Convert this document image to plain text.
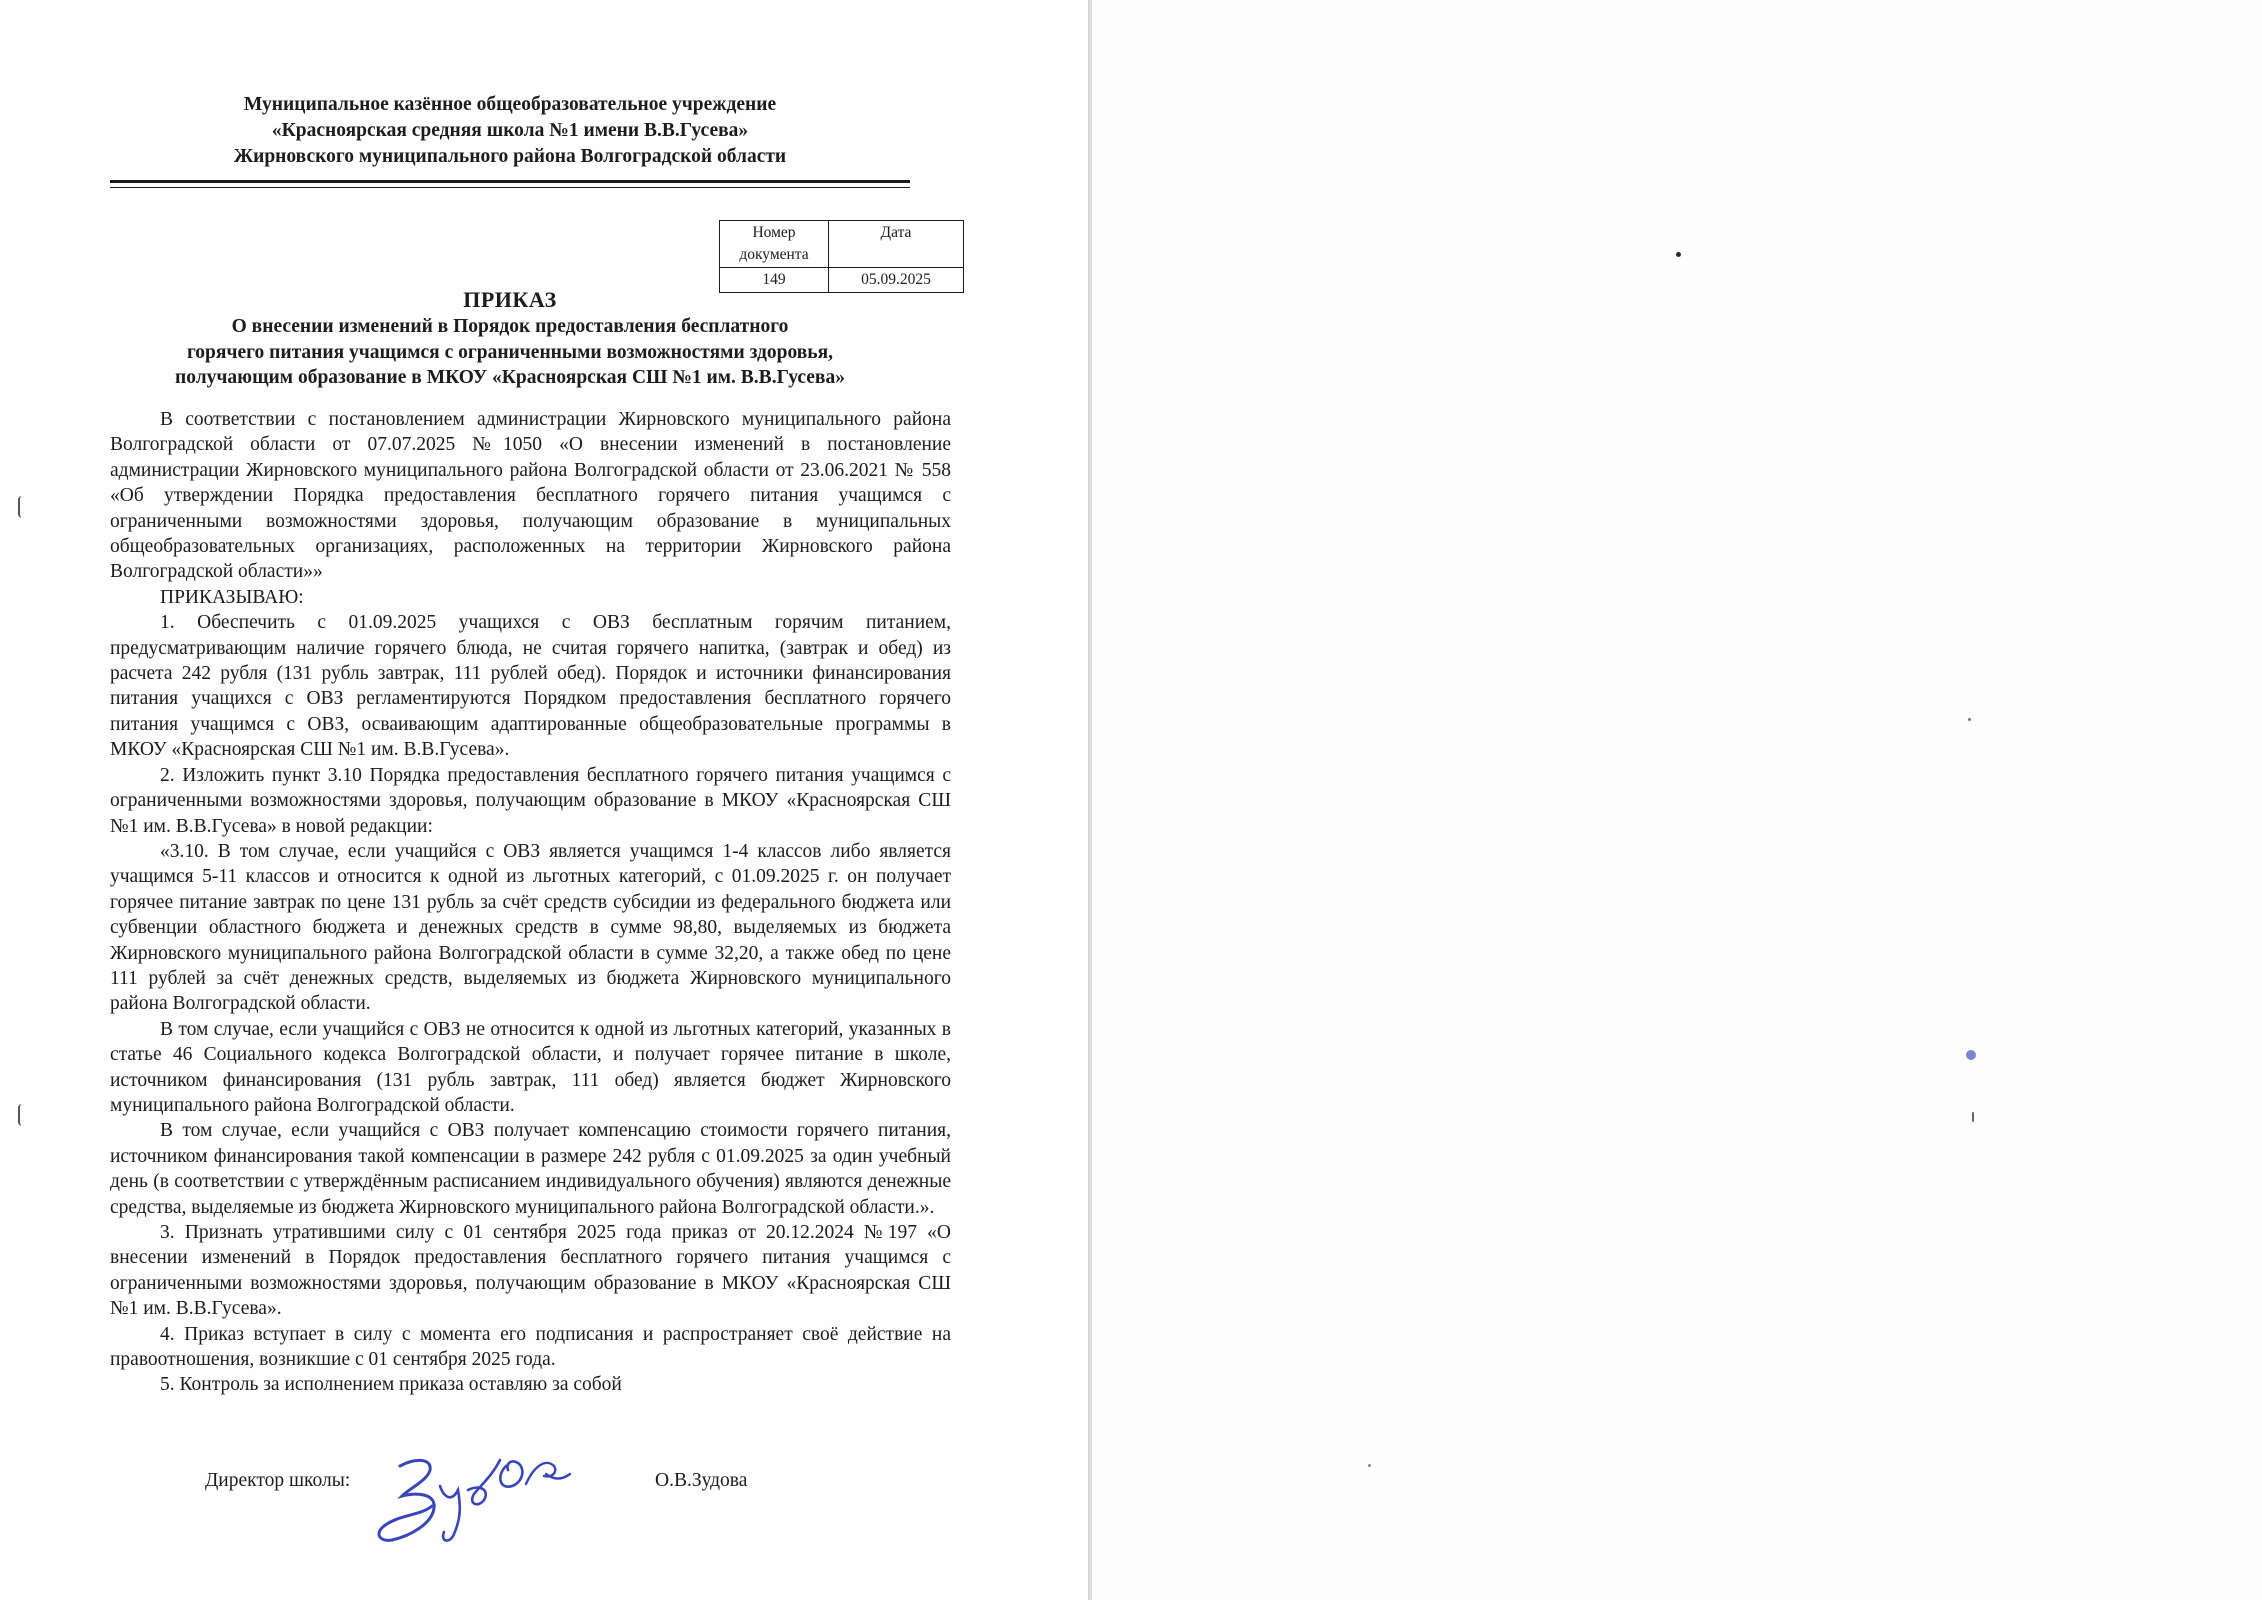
Муниципальное казённое общеобразовательное учреждение
«Красноярская средняя школа №1 имени В.В.Гусева»
Жирновского муниципального района Волгоградской области
Номер
документа	Дата
149	05.09.2025
ПРИКАЗ
О внесении изменений в Порядок предоставления бесплатного
горячего питания учащимся с ограниченными возможностями здоровья,
получающим образование в МКОУ «Красноярская СШ №1 им. В.В.Гусева»

В соответствии с постановлением администрации Жирновского муниципального района Волгоградской области от 07.07.2025 №1050 «О внесении изменений в постановление администрации Жирновского муниципального района Волгоградской области от 23.06.2021 № 558 «Об утверждении Порядка предоставления бесплатного горячего питания учащимся с ограниченными возможностями здоровья, получающим образование в муниципальных общеобразовательных организациях, расположенных на территории Жирновского района Волгоградской области»»

ПРИКАЗЫВАЮ:

1. Обеспечить с 01.09.2025 учащихся с ОВЗ бесплатным горячим питанием, предусматривающим наличие горячего блюда, не считая горячего напитка, (завтрак и обед) из расчета 242 рубля (131 рубль завтрак, 111 рублей обед). Порядок и источники финансирования питания учащихся с ОВЗ регламентируются Порядком предоставления бесплатного горячего питания учащимся с ОВЗ, осваивающим адаптированные общеобразовательные программы в МКОУ «Красноярская СШ №1 им. В.В.Гусева».

2. Изложить пункт 3.10 Порядка предоставления бесплатного горячего питания учащимся с ограниченными возможностями здоровья, получающим образование в МКОУ «Красноярская СШ №1 им. В.В.Гусева» в новой редакции:

«3.10. В том случае, если учащийся с ОВЗ является учащимся 1-4 классов либо является учащимся 5-11 классов и относится к одной из льготных категорий, с 01.09.2025 г. он получает горячее питание завтрак по цене 131 рубль за счёт средств субсидии из федерального бюджета или субвенции областного бюджета и денежных средств в сумме 98,80, выделяемых из бюджета Жирновского муниципального района Волгоградской области в сумме 32,20, а также обед по цене 111 рублей за счёт денежных средств, выделяемых из бюджета Жирновского муниципального района Волгоградской области.

В том случае, если учащийся с ОВЗ не относится к одной из льготных категорий, указанных в статье 46 Социального кодекса Волгоградской области, и получает горячее питание в школе, источником финансирования (131 рубль завтрак, 111 обед) является бюджет Жирновского муниципального района Волгоградской области.

В том случае, если учащийся с ОВЗ получает компенсацию стоимости горячего питания, источником финансирования такой компенсации в размере 242 рубля с 01.09.2025 за один учебный день (в соответствии с утверждённым расписанием индивидуального обучения) являются денежные средства, выделяемые из бюджета Жирновского муниципального района Волгоградской области.».

3. Признать утратившими силу с 01 сентября 2025 года приказ от 20.12.2024 №197 «О внесении изменений в Порядок предоставления бесплатного горячего питания учащимся с ограниченными возможностями здоровья, получающим образование в МКОУ «Красноярская СШ №1 им. В.В.Гусева».

4. Приказ вступает в силу с момента его подписания и распространяет своё действие на правоотношения, возникшие с 01 сентября 2025 года.

5. Контроль за исполнением приказа оставляю за собой

Директор школы:	О.В.Зудова
